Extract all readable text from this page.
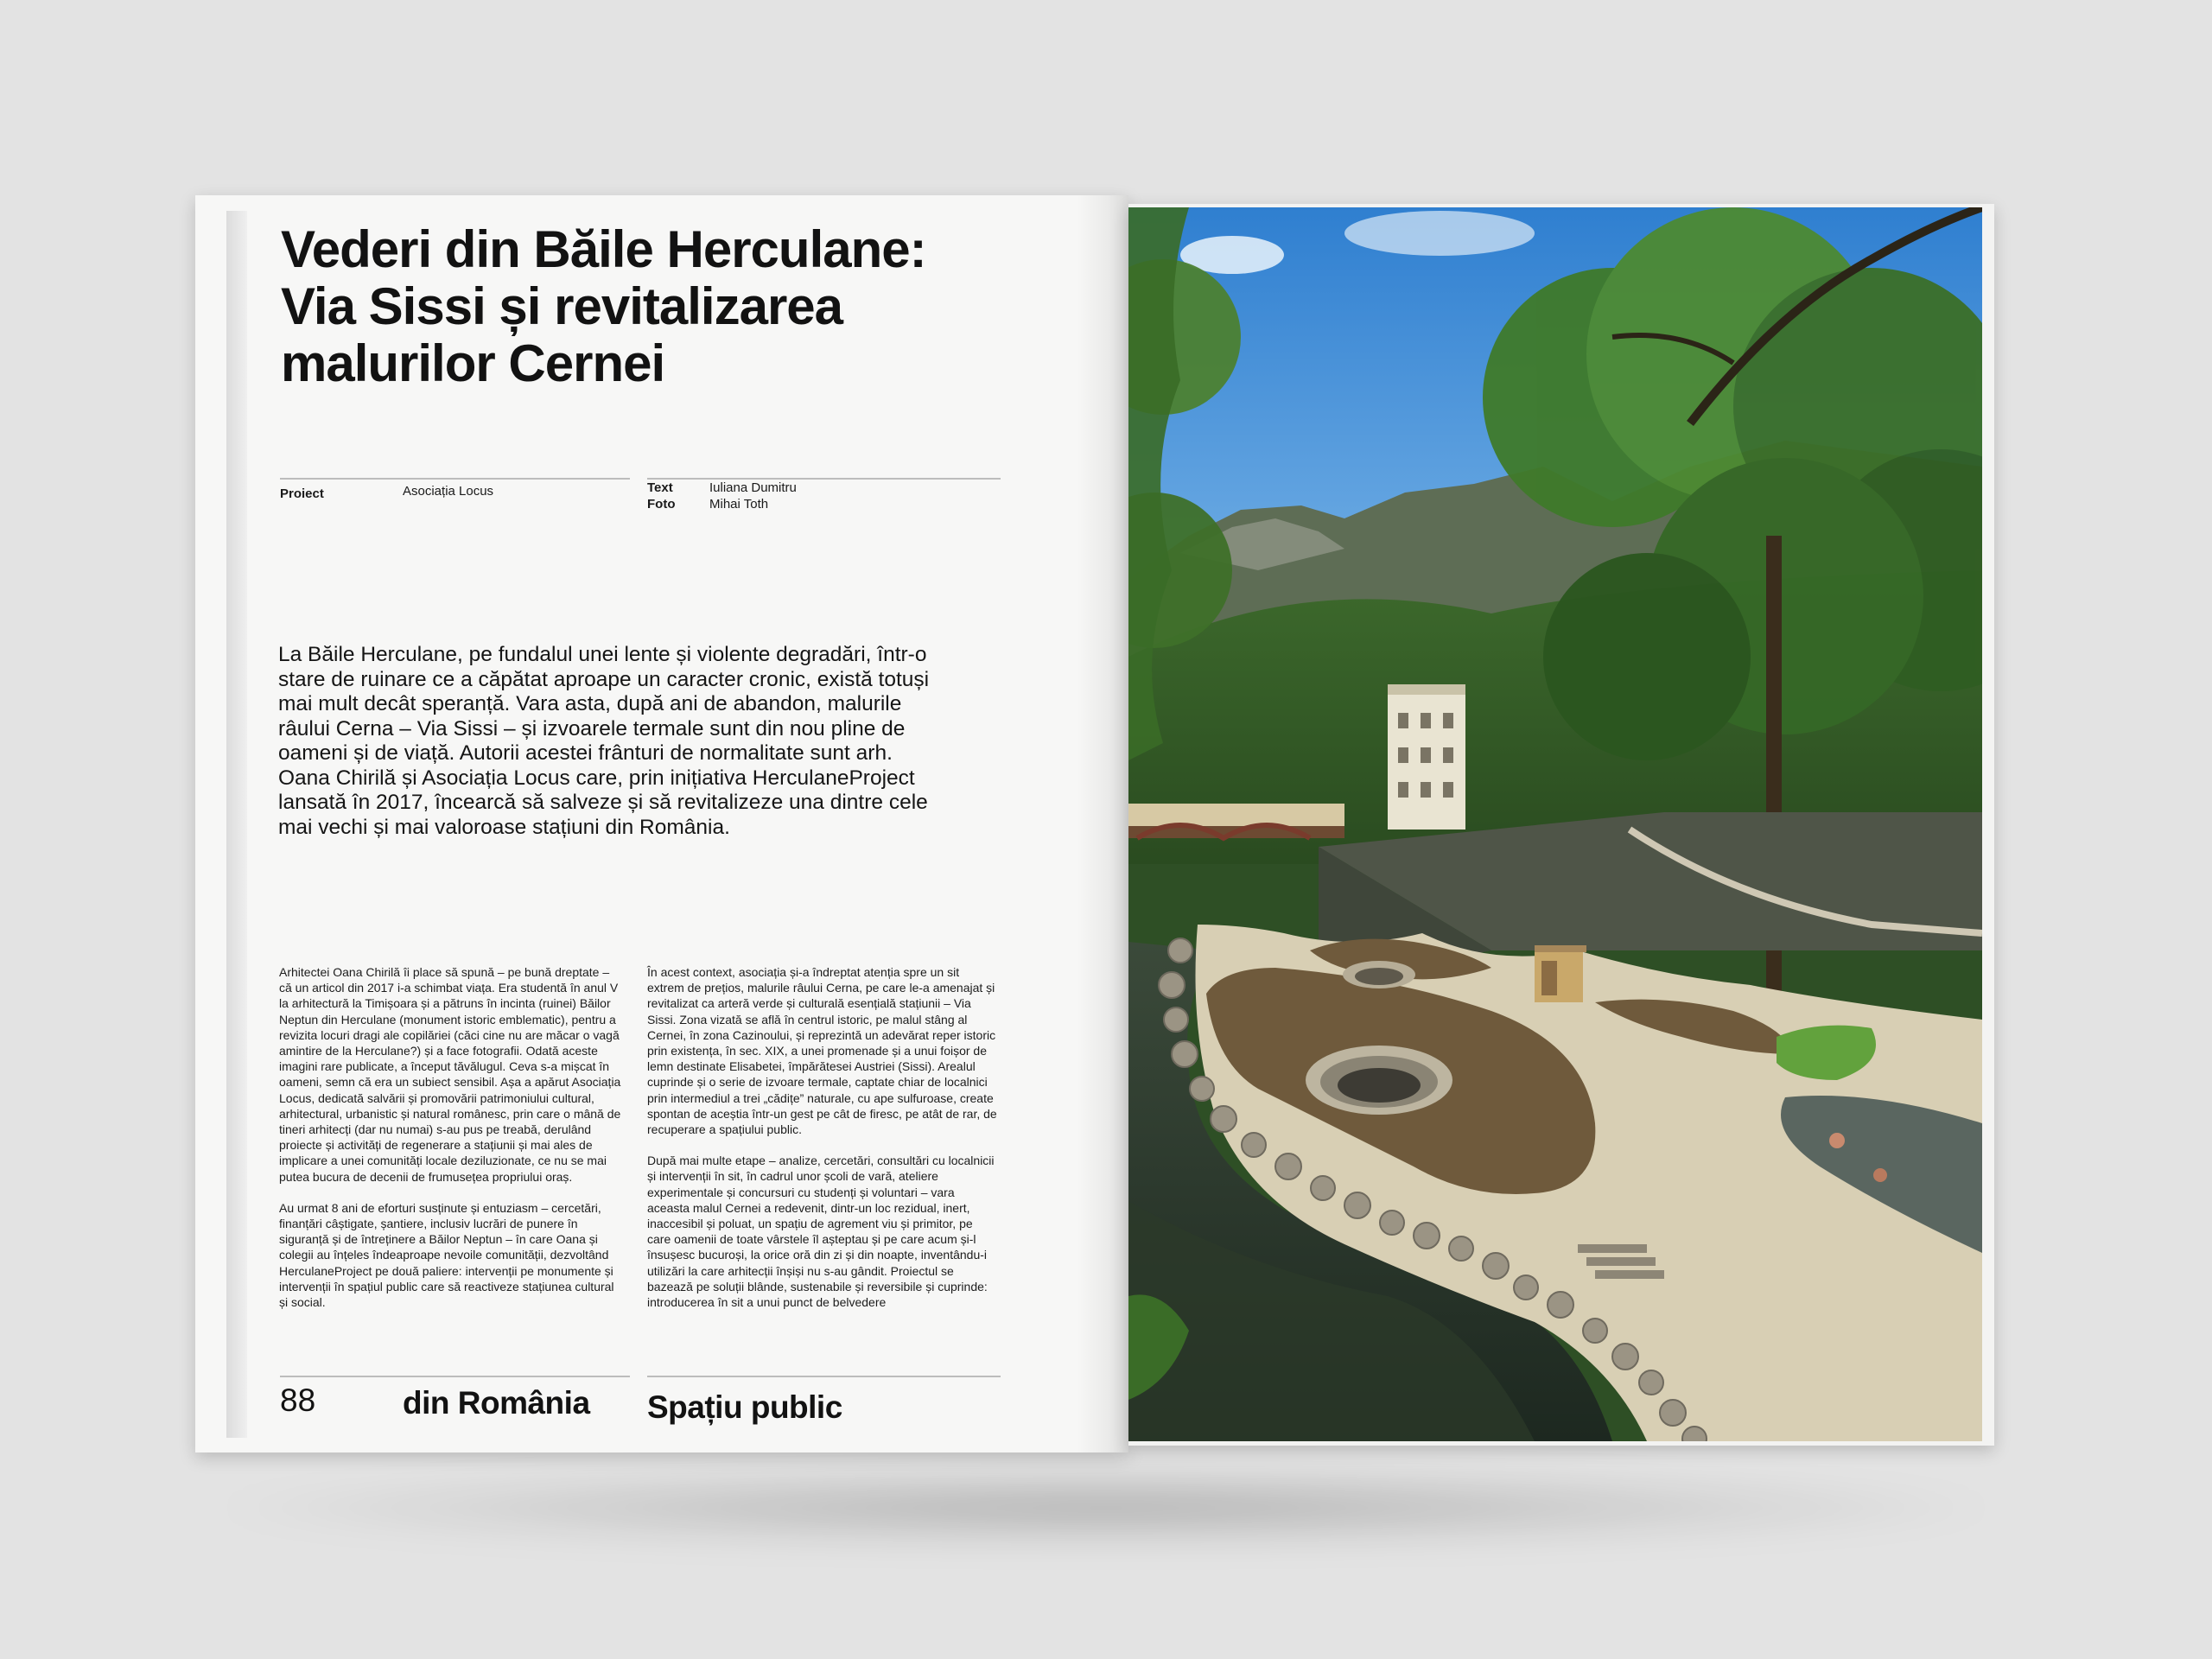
Vederi din Băile Herculane:
Via Sissi și revitalizarea
malurilor Cernei
Proiect	Asociația Locus	Text	Iuliana Dumitru
Foto	Mihai Toth

La Băile Herculane, pe fundalul unei lente și violente degradări, într-o stare de ruinare ce a căpătat aproape un caracter cronic, există totuși mai mult decât speranță. Vara asta, după ani de abandon, malurile râului Cerna – Via Sissi – și izvoarele termale sunt din nou pline de oameni și de viață. Autorii acestei frânturi de normalitate sunt arh. Oana Chirilă și Asociația Locus care, prin inițiativa HerculaneProject lansată în 2017, încearcă să salveze și să revitalizeze una dintre cele mai vechi și mai valoroase stațiuni din România.

Arhitectei Oana Chirilă îi place să spună – pe bună dreptate – că un articol din 2017 i-a schimbat viața. Era studentă în anul V la arhitectură la Timișoara și a pătruns în incinta (ruinei) Băilor Neptun din Herculane (monument istoric emblematic), pentru a revizita locuri dragi ale copilăriei (căci cine nu are măcar o vagă amintire de la Herculane?) și a face fotografii. Odată aceste imagini rare publicate, a început tăvălugul. Ceva s-a mișcat în oameni, semn că era un subiect sensibil. Așa a apărut Asociația Locus, dedicată salvării și promovării patrimoniului cultural, arhitectural, urbanistic și natural românesc, prin care o mână de tineri arhitecți (dar nu numai) s-au pus pe treabă, derulând proiecte și activități de regenerare a stațiunii și mai ales de implicare a unei comunități locale deziluzionate, ce nu se mai putea bucura de decenii de frumusețea propriului oraș.

Au urmat 8 ani de eforturi susținute și entuziasm – cercetări, finanțări câștigate, șantiere, inclusiv lucrări de punere în siguranță și de întreținere a Băilor Neptun – în care Oana și colegii au înțeles îndeaproape nevoile comunității, dezvoltând HerculaneProject pe două paliere: intervenții pe monumente și intervenții în spațiul public care să reactiveze stațiunea cultural și social.

În acest context, asociația și-a îndreptat atenția spre un sit extrem de prețios, malurile râului Cerna, pe care le-a amenajat și revitalizat ca arteră verde și culturală esențială stațiunii – Via Sissi. Zona vizată se află în centrul istoric, pe malul stâng al Cernei, în zona Cazinoului, și reprezintă un adevărat reper istoric prin existența, în sec. XIX, a unei promenade și a unui foișor de lemn destinate Elisabetei, împărătesei Austriei (Sissi). Arealul cuprinde și o serie de izvoare termale, captate chiar de localnici prin intermediul a trei „cădițe” naturale, cu ape sulfuroase, create spontan de aceștia într-un gest pe cât de firesc, pe atât de rar, de recuperare a spațiului public.

După mai multe etape – analize, cercetări, consultări cu localnicii și intervenții în sit, în cadrul unor școli de vară, ateliere experimentale și concursuri cu studenți și voluntari – vara aceasta malul Cernei a redevenit, dintr-un loc rezidual, inert, inaccesibil și poluat, un spațiu de agrement viu și primitor, pe care oamenii de toate vârstele îl așteptau și pe care acum și-l însușesc bucuroși, la orice oră din zi și din noapte, inventându-i utilizări la care arhitecții înșiși nu s-au gândit. Proiectul se bazează pe soluții blânde, sustenabile și reversibile și cuprinde: introducerea în sit a unui punct de belvedere

88	din România Spațiu public
